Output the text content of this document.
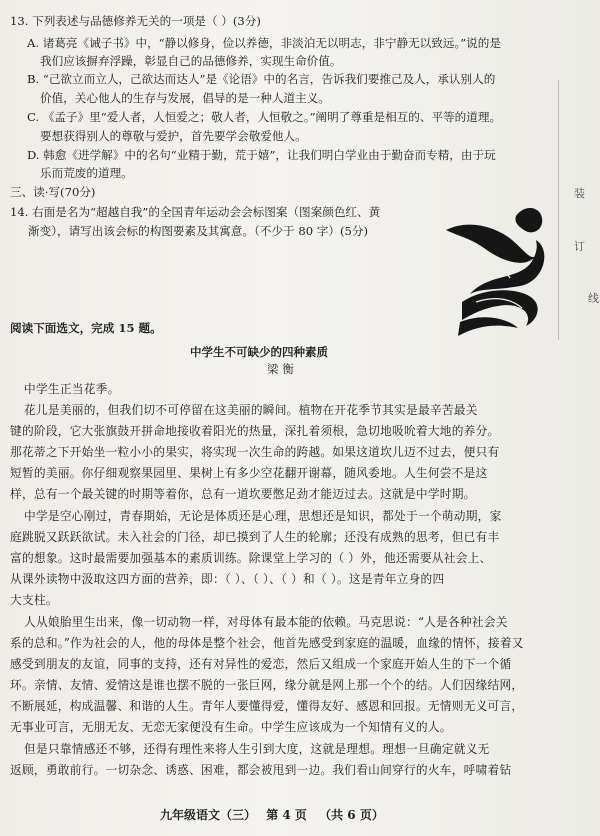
13. 下列表述与品德修养无关的一项是（ ）(3分)
A. 诸葛亮《诫子书》中，“静以修身，俭以养德，非淡泊无以明志，非宁静无以致远。”说的是
我们应该摒弃浮躁，彰显自己的品德修养，实现生命价值。
B. “己欲立而立人，己欲达而达人”是《论语》中的名言，告诉我们要推己及人，承认别人的
价值，关心他人的生存与发展，倡导的是一种人道主义。
C. 《孟子》里“爱人者，人恒爱之；敬人者，人恒敬之。”阐明了尊重是相互的、平等的道理。
要想获得别人的尊敬与爱护，首先要学会敬爱他人。
D. 韩愈《进学解》中的名句“业精于勤，荒于嬉”，让我们明白学业由于勤奋而专精，由于玩
乐而荒废的道理。
三、读·写(70分)
14. 右面是名为“超越自我”的全国青年运动会会标图案（图案颜色红、黄
渐变），请写出该会标的构图要素及其寓意。（不少于 80 字）(5分)
装
订
线
阅读下面选文，完成 15 题。
中学生不可缺少的四种素质
梁 衡
中学生正当花季。
花儿是美丽的，但我们切不可停留在这美丽的瞬间。植物在开花季节其实是最辛苦最关
键的阶段，它大张旗鼓开拼命地接收着阳光的热量，深扎着须根，急切地吸吮着大地的养分。
那花蒂之下开始坐一粒小小的果实，将实现一次生命的跨越。如果这道坎儿迈不过去，便只有
短暂的美丽。你仔细观察果园里、果树上有多少空花翻开谢幕，随风委地。人生何尝不是这
样，总有一个最关键的时期等着你，总有一道坎要憋足劲才能迈过去。这就是中学时期。
中学是空心刚过，青春期始，无论是体质还是心理，思想还是知识，都处于一个萌动期，家
庭跳脱又跃跃欲试。未入社会的门径，却已摸到了人生的轮廓；还没有成熟的思考，但已有丰
富的想象。这时最需要加强基本的素质训练。除课堂上学习的（ ）外，他还需要从社会上、
从课外读物中汲取这四方面的营养，即：（ ）、（ ）、（ ）和（ ）。这是青年立身的四
大支柱。
人从娘胎里生出来，像一切动物一样，对母体有最本能的依赖。马克思说：“人是各种社会关
系的总和。”作为社会的人，他的母体是整个社会，他首先感受到家庭的温暖，血缘的情怀，接着又
感受到朋友的友谊，同事的支持，还有对异性的爱恋，然后又组成一个家庭开始人生的下一个循
环。亲情、友情、爱情这是谁也摆不脱的一张巨网，缘分就是网上那一个个的结。人们因缘结网，
不断展延，构成温馨、和谐的人生。青年人要懂得爱，懂得友好、感恩和回报。无情则无义可言，
无事业可言，无朋无友、无恋无家便没有生命。中学生应该成为一个知情有义的人。
但是只靠情感还不够，还得有理性来将人生引到大度，这就是理想。理想一旦确定就义无
返顾，勇敢前行。一切杂念、诱惑、困难，都会被甩到一边。我们看山间穿行的火车，呼啸着钻
九年级语文（三） 第 4 页 （共 6 页）
